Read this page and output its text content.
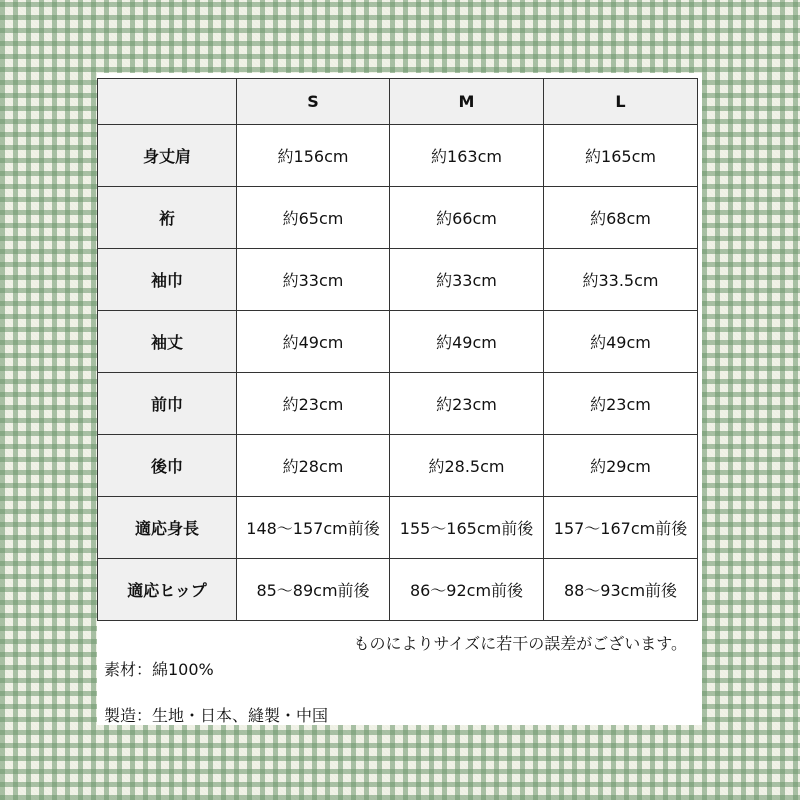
	S	M	L
身丈肩	約156cm	約163cm	約165cm
裄	約65cm	約66cm	約68cm
袖巾	約33cm	約33cm	約33.5cm
袖丈	約49cm	約49cm	約49cm
前巾	約23cm	約23cm	約23cm
後巾	約28cm	約28.5cm	約29cm
適応身長	148～157cm前後	155～165cm前後	157～167cm前後
適応ヒップ	85～89cm前後	86～92cm前後	88～93cm前後
ものによりサイズに若干の誤差がございます。
素材：綿100%
製造：生地・日本、縫製・中国
